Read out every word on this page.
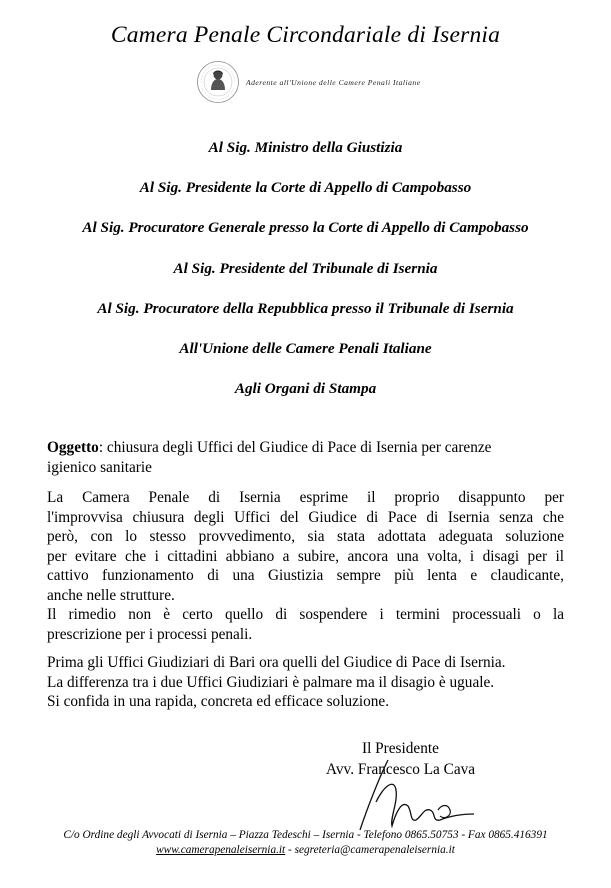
Camera Penale Circondariale di Isernia
Aderente all'Unione delle Camere Penali Italiane
Al Sig. Ministro della Giustizia
Al Sig. Presidente la Corte di Appello di Campobasso
Al Sig. Procuratore Generale presso la Corte di Appello di Campobasso
Al Sig. Presidente del Tribunale di Isernia
Al Sig. Procuratore della Repubblica presso il Tribunale di Isernia
All'Unione delle Camere Penali Italiane
Agli Organi di Stampa
Oggetto: chiusura degli Uffici del Giudice di Pace di Isernia per carenze
igienico sanitarie
La Camera Penale di Isernia esprime il proprio disappunto per
l'improvvisa chiusura degli Uffici del Giudice di Pace di Isernia senza che
però, con lo stesso provvedimento, sia stata adottata adeguata soluzione
per evitare che i cittadini abbiano a subire, ancora una volta, i disagi per il
cattivo funzionamento di una Giustizia sempre più lenta e claudicante,
anche nelle strutture.
Il rimedio non è certo quello di sospendere i termini processuali o la
prescrizione per i processi penali.
Prima gli Uffici Giudiziari di Bari ora quelli del Giudice di Pace di Isernia.
La differenza tra i due Uffici Giudiziari è palmare ma il disagio è uguale.
Si confida in una rapida, concreta ed efficace soluzione.
Il Presidente
Avv. Francesco La Cava
C/o Ordine degli Avvocati di Isernia – Piazza Tedeschi – Isernia - Telefono 0865.50753 - Fax 0865.416391
www.camerapenaleisernia.it - segreteria@camerapenaleisernia.it
